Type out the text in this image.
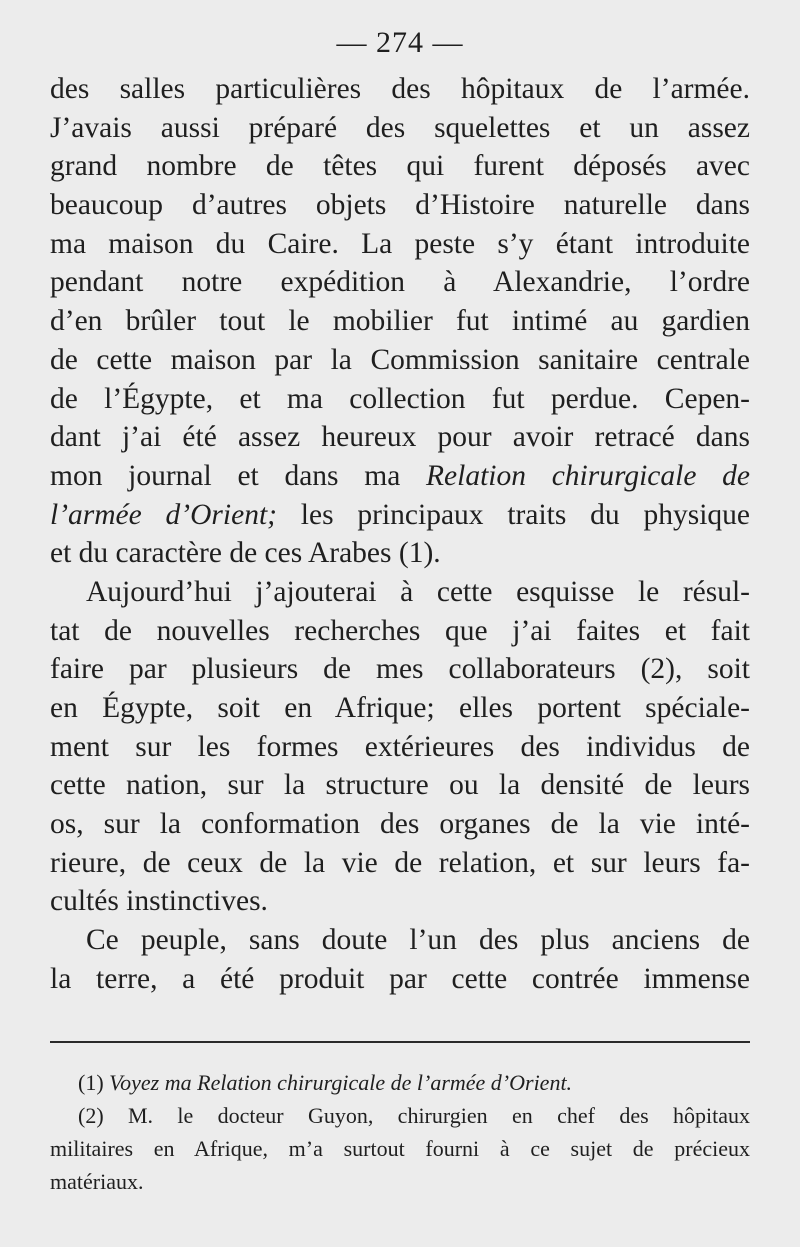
— 274 —
des salles particulières des hôpitaux de l’armée.
J’avais aussi préparé des squelettes et un assez
grand nombre de têtes qui furent déposés avec
beaucoup d’autres objets d’Histoire naturelle dans
ma maison du Caire. La peste s’y étant introduite
pendant notre expédition à Alexandrie, l’ordre
d’en brûler tout le mobilier fut intimé au gardien
de cette maison par la Commission sanitaire centrale
de l’Égypte, et ma collection fut perdue. Cepen-
dant j’ai été assez heureux pour avoir retracé dans
mon journal et dans ma Relation chirurgicale de
l’armée d’Orient; les principaux traits du physique
et du caractère de ces Arabes (1).
Aujourd’hui j’ajouterai à cette esquisse le résul-
tat de nouvelles recherches que j’ai faites et fait
faire par plusieurs de mes collaborateurs (2), soit
en Égypte, soit en Afrique; elles portent spéciale-
ment sur les formes extérieures des individus de
cette nation, sur la structure ou la densité de leurs
os, sur la conformation des organes de la vie inté-
rieure, de ceux de la vie de relation, et sur leurs fa-
cultés instinctives.
Ce peuple, sans doute l’un des plus anciens de
la terre, a été produit par cette contrée immense
(1) Voyez ma Relation chirurgicale de l’armée d’Orient.
(2) M. le docteur Guyon, chirurgien en chef des hôpitaux
militaires en Afrique, m’a surtout fourni à ce sujet de précieux
matériaux.
